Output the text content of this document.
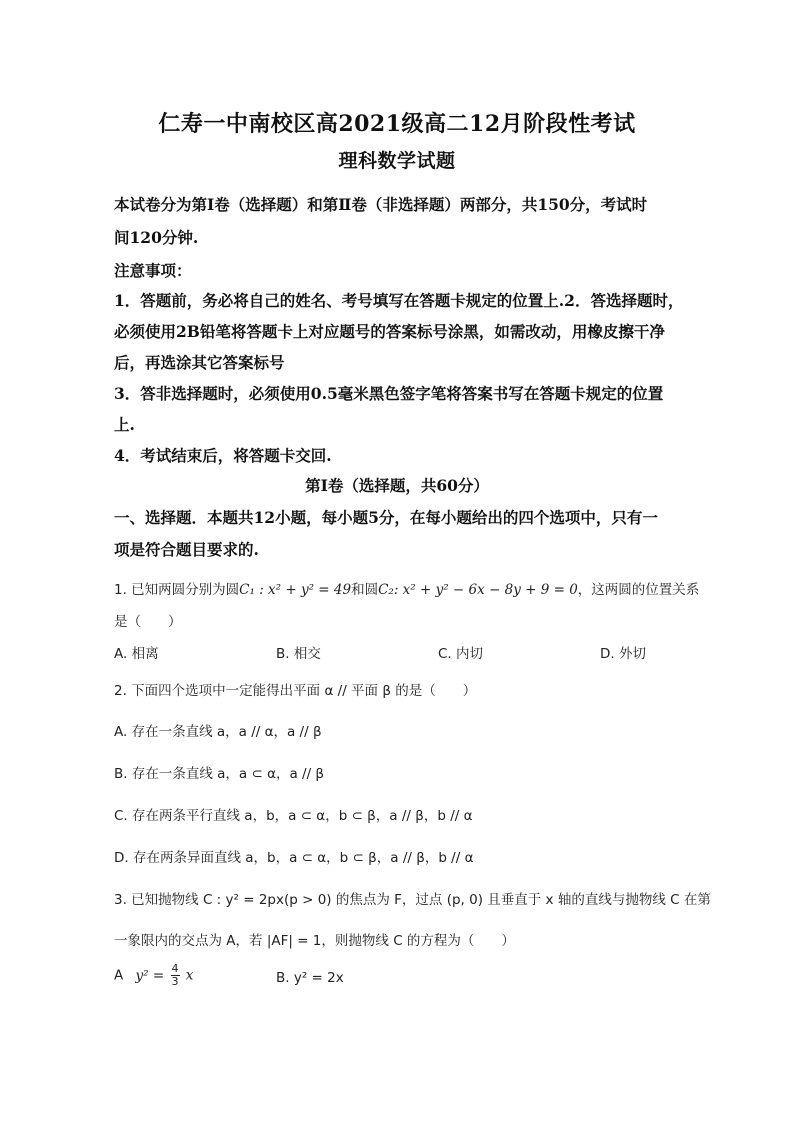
仁寿一中南校区高2021级高二12月阶段性考试
理科数学试题
本试卷分为第Ⅰ卷（选择题）和第Ⅱ卷（非选择题）两部分，共150分，考试时
间120分钟.
注意事项：
1．答题前，务必将自己的姓名、考号填写在答题卡规定的位置上.2．答选择题时，
必须使用2B铅笔将答题卡上对应题号的答案标号涂黑，如需改动，用橡皮擦干净
后，再选涂其它答案标号
3．答非选择题时，必须使用0.5毫米黑色签字笔将答案书写在答题卡规定的位置
上.
4．考试结束后，将答题卡交回.
第Ⅰ卷（选择题，共60分）
一、选择题．本题共12小题，每小题5分，在每小题给出的四个选项中，只有一
项是符合题目要求的.
1. 已知两圆分别为圆C₁ : x² + y² = 49和圆C₂: x² + y² − 6x − 8y + 9 = 0，这两圆的位置关系
是（　　）
A. 相离	B. 相交	C. 内切	D. 外切
2. 下面四个选项中一定能得出平面 α // 平面 β 的是（　　）
A. 存在一条直线 a，a // α，a // β
B. 存在一条直线 a，a ⊂ α，a // β
C. 存在两条平行直线 a，b，a ⊂ α，b ⊂ β，a // β，b // α
D. 存在两条异面直线 a，b，a ⊂ α，b ⊂ β，a // β，b // α
3. 已知抛物线 C : y² = 2px(p > 0) 的焦点为 F，过点 (p, 0) 且垂直于 x 轴的直线与抛物线 C 在第
一象限内的交点为 A，若 |AF| = 1，则抛物线 C 的方程为（　　）
A $y^2 = \frac{4}{3}$ x	B. y² = 2x
